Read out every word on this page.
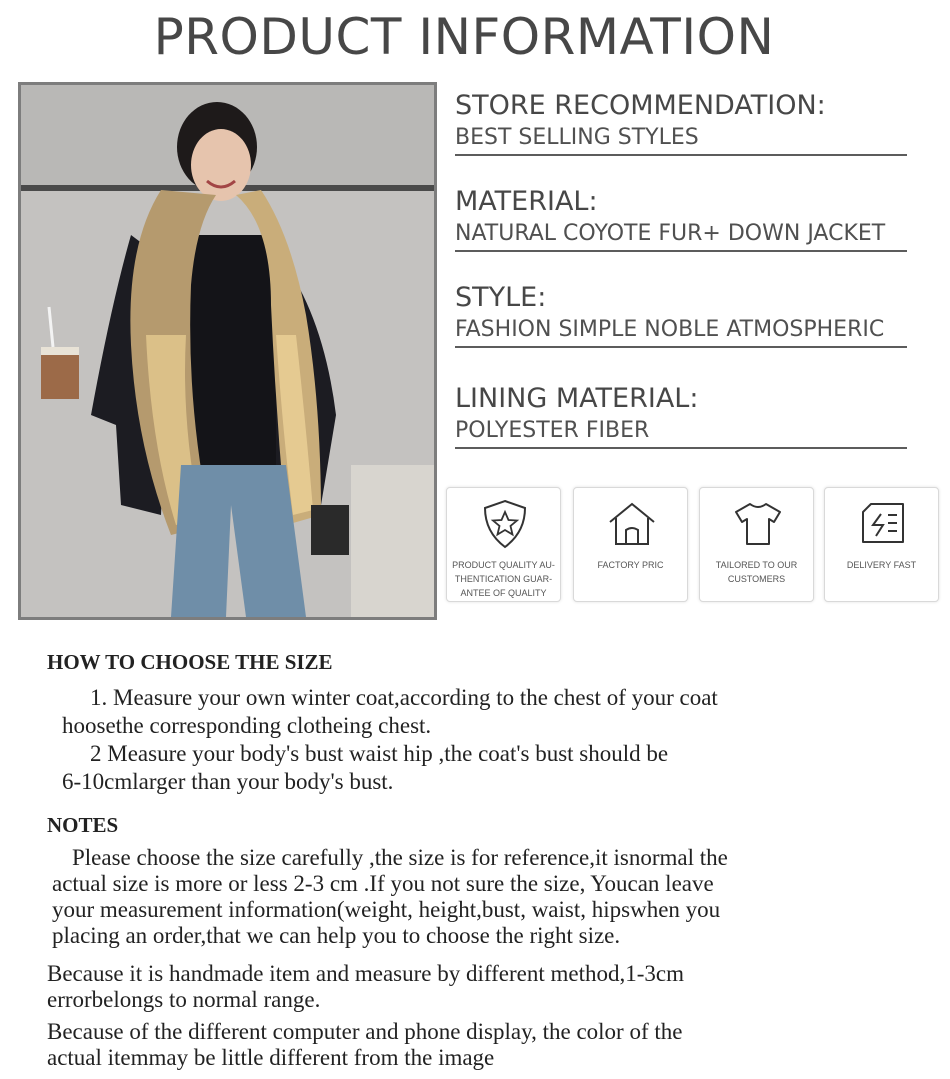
PRODUCT INFORMATION
STORE RECOMMENDATION:
BEST SELLING STYLES
MATERIAL:
NATURAL COYOTE FUR+ DOWN JACKET
STYLE:
FASHION SIMPLE NOBLE ATMOSPHERIC
LINING MATERIAL:
POLYESTER FIBER
PRODUCT QUALITY AU-
THENTICATION GUAR-
ANTEE OF QUALITY
FACTORY PRIC	TAILORED TO OUR
CUSTOMERS
DELIVERY FAST
HOW TO CHOOSE THE SIZE
1. Measure your own winter coat,according to the chest of your coat
hoosethe corresponding clotheing chest.
2 Measure your body's bust waist hip ,the coat's bust should be
6-10cmlarger than your body's bust.
NOTES
Please choose the size carefully ,the size is for reference,it isnormal the
actual size is more or less 2-3 cm .If you not sure the size, Youcan leave
your measurement information(weight, height,bust, waist, hipswhen you
placing an order,that we can help you to choose the right size.
Because it is handmade item and measure by different method,1-3cm
errorbelongs to normal range.
Because of the different computer and phone display, the color of the
actual itemmay be little different from the image
